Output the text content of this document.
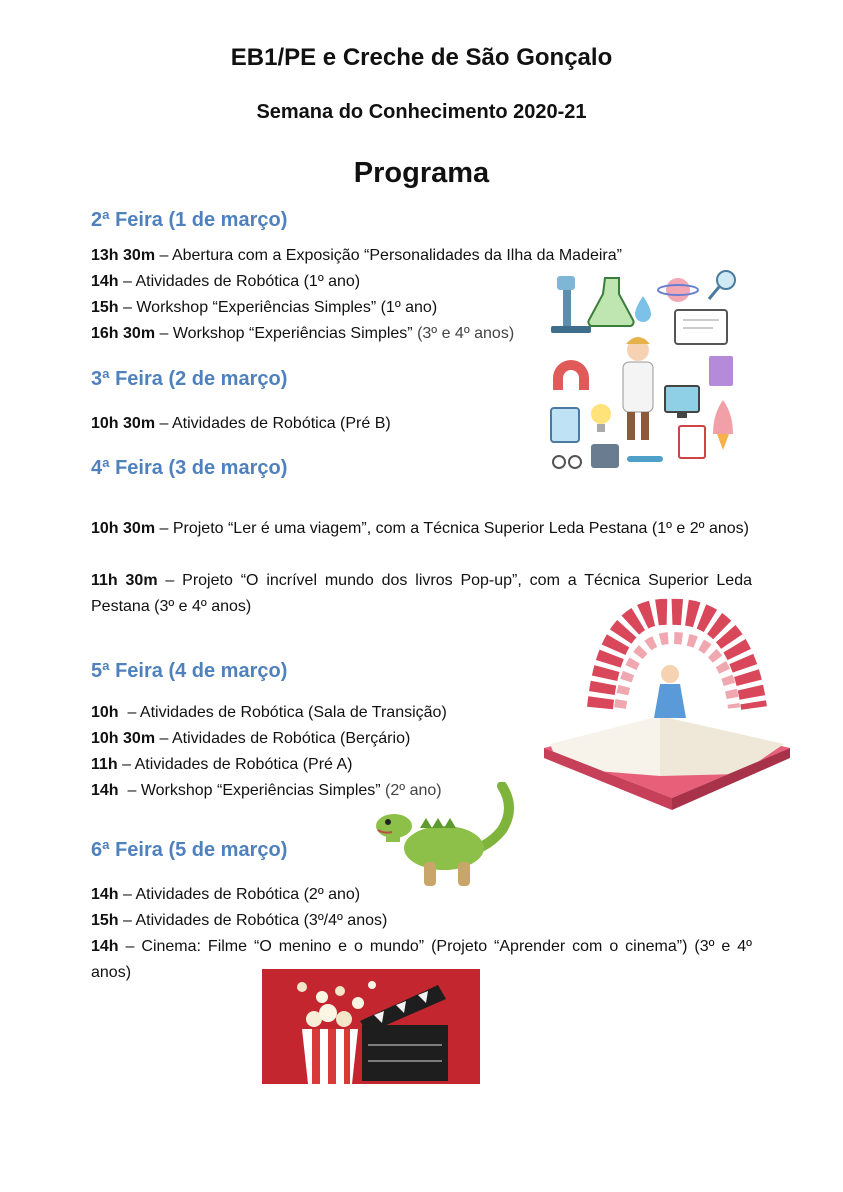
EB1/PE e Creche de São Gonçalo
Semana do Conhecimento 2020-21
Programa
2ª Feira (1 de março)
13h 30m – Abertura com a Exposição “Personalidades da Ilha da Madeira”
14h – Atividades de Robótica (1º ano)
15h – Workshop “Experiências Simples” (1º ano)
16h 30m – Workshop “Experiências Simples” (3º e 4º anos)
3ª Feira (2 de março)
10h 30m – Atividades de Robótica (Pré B)
4ª Feira (3 de março)
10h 30m – Projeto “Ler é uma viagem”, com a Técnica Superior Leda Pestana (1º e 2º anos)
11h 30m – Projeto “O incrível mundo dos livros Pop-up”, com a Técnica Superior Leda Pestana (3º e 4º anos)
5ª Feira (4 de março)
10h  – Atividades de Robótica (Sala de Transição)
10h 30m – Atividades de Robótica (Berçário)
11h – Atividades de Robótica (Pré A)
14h  – Workshop “Experiências Simples” (2º ano)
6ª Feira (5 de março)
14h – Atividades de Robótica (2º ano)
15h – Atividades de Robótica (3º/4º anos)
14h – Cinema: Filme “O menino e o mundo” (Projeto “Aprender com o cinema”) (3º e 4º anos)
